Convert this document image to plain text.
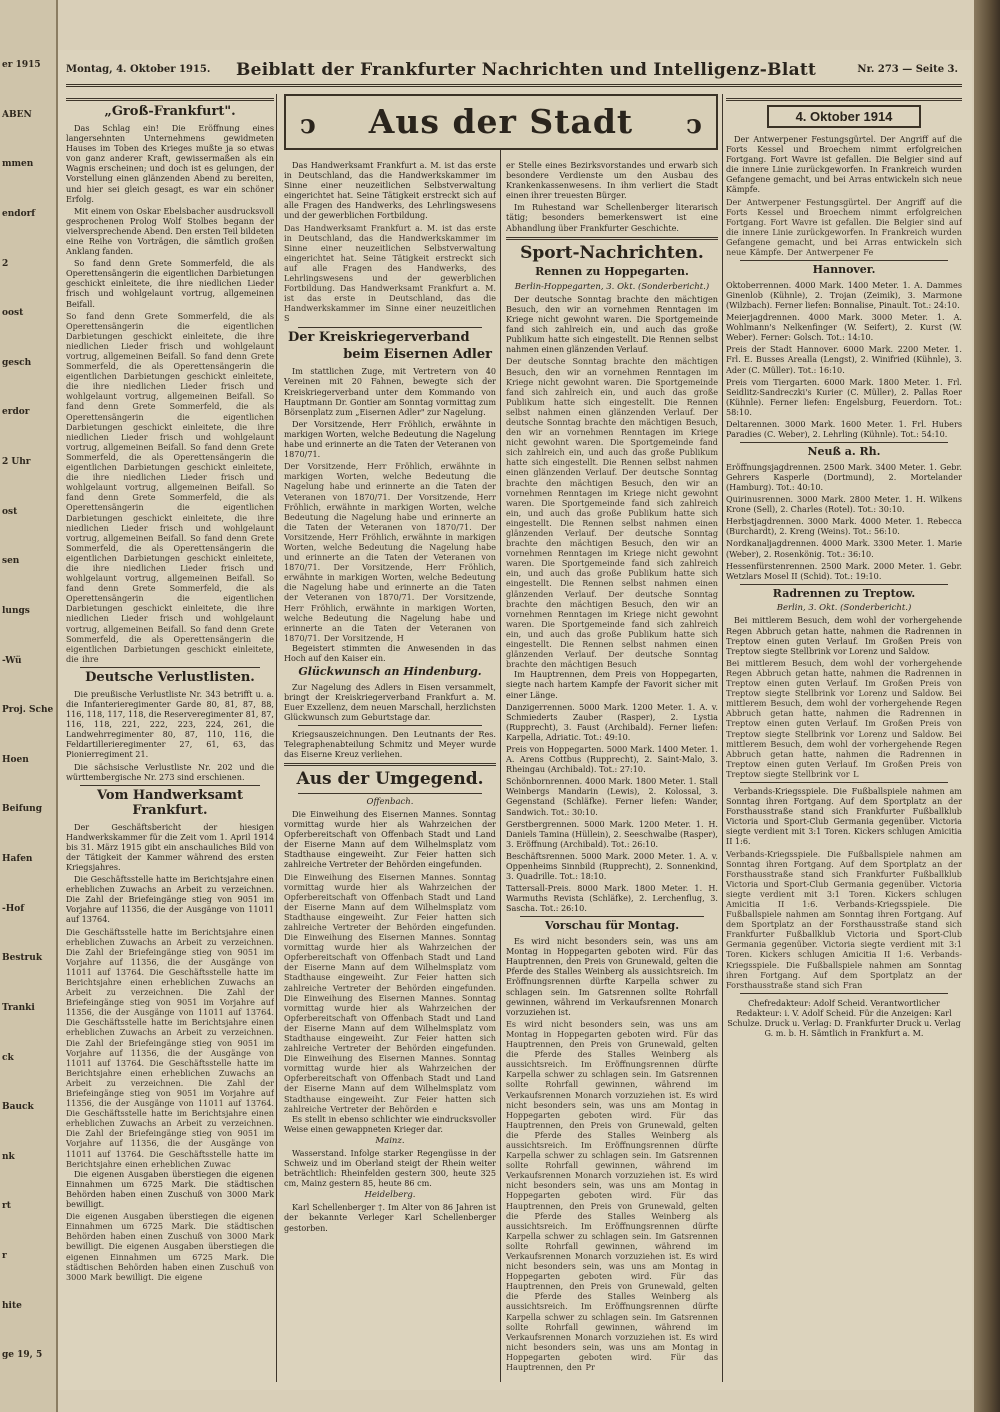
er 1915
ABEN
mmen
endorf
2
oost
gesch
erdor
2 Uhr
ost
sen
lungs
-Wü
Proj. Sche
Hoen
Beifung
Hafen
-Hof
Bestruk
Tranki
ck
Bauck
nk
rt
r
hite
ge 19, 5
Montag, 4. Oktober 1915. Beiblatt der Frankfurter Nachrichten und Intelligenz-Blatt	Nr. 273 — Seite 3.
ↄ	Aus der Stadt	ↄ
„Groß-Frankfurt".

Das Schlag ein! Die Eröffnung eines langersehnten Unternehmens gewidmeten Hauses im Toben des Krieges mußte ja so etwas von ganz anderer Kraft, gewissermaßen als ein Wagnis erscheinen; und doch ist es gelungen, der Vorstellung einen glänzenden Abend zu bereiten, und hier sei gleich gesagt, es war ein schöner Erfolg.

Mit einem von Oskar Ebelsbacher ausdrucksvoll gesprochenen Prolog Wolf Stolbes begann der vielversprechende Abend. Den ersten Teil bildeten eine Reihe von Vorträgen, die sämtlich großen Anklang fanden.

So fand denn Grete Sommerfeld, die als Operettensängerin die eigentlichen Darbietungen geschickt einleitete, die ihre niedlichen Lieder frisch und wohlgelaunt vortrug, allgemeinen Beifall.

So fand denn Grete Sommerfeld, die als Operettensängerin die eigentlichen Darbietungen geschickt einleitete, die ihre niedlichen Lieder frisch und wohlgelaunt vortrug, allgemeinen Beifall. So fand denn Grete Sommerfeld, die als Operettensängerin die eigentlichen Darbietungen geschickt einleitete, die ihre niedlichen Lieder frisch und wohlgelaunt vortrug, allgemeinen Beifall. So fand denn Grete Sommerfeld, die als Operettensängerin die eigentlichen Darbietungen geschickt einleitete, die ihre niedlichen Lieder frisch und wohlgelaunt vortrug, allgemeinen Beifall. So fand denn Grete Sommerfeld, die als Operettensängerin die eigentlichen Darbietungen geschickt einleitete, die ihre niedlichen Lieder frisch und wohlgelaunt vortrug, allgemeinen Beifall. So fand denn Grete Sommerfeld, die als Operettensängerin die eigentlichen Darbietungen geschickt einleitete, die ihre niedlichen Lieder frisch und wohlgelaunt vortrug, allgemeinen Beifall. So fand denn Grete Sommerfeld, die als Operettensängerin die eigentlichen Darbietungen geschickt einleitete, die ihre niedlichen Lieder frisch und wohlgelaunt vortrug, allgemeinen Beifall. So fand denn Grete Sommerfeld, die als Operettensängerin die eigentlichen Darbietungen geschickt einleitete, die ihre niedlichen Lieder frisch und wohlgelaunt vortrug, allgemeinen Beifall. So fand denn Grete Sommerfeld, die als Operettensängerin die eigentlichen Darbietungen geschickt einleitete, die ihre
Deutsche Verlustlisten.

Die preußische Verlustliste Nr. 343 betrifft u. a. die Infanterieregimenter Garde 80, 81, 87, 88, 116, 118, 117, 118, die Reserveregimenter 81, 87, 116, 118, 221, 222, 223, 224, 261, die Landwehrregimenter 80, 87, 110, 116, die Feldartillerieregimenter 27, 61, 63, das Pionierregiment 21.

Die sächsische Verlustliste Nr. 202 und die württembergische Nr. 273 sind erschienen.

Vom Handwerksamt Frankfurt.

Der Geschäftsbericht der hiesigen Handwerkskammer für die Zeit vom 1. April 1914 bis 31. März 1915 gibt ein anschauliches Bild von der Tätigkeit der Kammer während des ersten Kriegsjahres.

Die Geschäftsstelle hatte im Berichtsjahre einen erheblichen Zuwachs an Arbeit zu verzeichnen. Die Zahl der Briefeingänge stieg von 9051 im Vorjahre auf 11356, die der Ausgänge von 11011 auf 13764.

Die Geschäftsstelle hatte im Berichtsjahre einen erheblichen Zuwachs an Arbeit zu verzeichnen. Die Zahl der Briefeingänge stieg von 9051 im Vorjahre auf 11356, die der Ausgänge von 11011 auf 13764. Die Geschäftsstelle hatte im Berichtsjahre einen erheblichen Zuwachs an Arbeit zu verzeichnen. Die Zahl der Briefeingänge stieg von 9051 im Vorjahre auf 11356, die der Ausgänge von 11011 auf 13764. Die Geschäftsstelle hatte im Berichtsjahre einen erheblichen Zuwachs an Arbeit zu verzeichnen. Die Zahl der Briefeingänge stieg von 9051 im Vorjahre auf 11356, die der Ausgänge von 11011 auf 13764. Die Geschäftsstelle hatte im Berichtsjahre einen erheblichen Zuwachs an Arbeit zu verzeichnen. Die Zahl der Briefeingänge stieg von 9051 im Vorjahre auf 11356, die der Ausgänge von 11011 auf 13764. Die Geschäftsstelle hatte im Berichtsjahre einen erheblichen Zuwachs an Arbeit zu verzeichnen. Die Zahl der Briefeingänge stieg von 9051 im Vorjahre auf 11356, die der Ausgänge von 11011 auf 13764. Die Geschäftsstelle hatte im Berichtsjahre einen erheblichen Zuwac

Die eigenen Ausgaben überstiegen die eigenen Einnahmen um 6725 Mark. Die städtischen Behörden haben einen Zuschuß von 3000 Mark bewilligt.

Die eigenen Ausgaben überstiegen die eigenen Einnahmen um 6725 Mark. Die städtischen Behörden haben einen Zuschuß von 3000 Mark bewilligt. Die eigenen Ausgaben überstiegen die eigenen Einnahmen um 6725 Mark. Die städtischen Behörden haben einen Zuschuß von 3000 Mark bewilligt. Die eigene

Das Handwerksamt Frankfurt a. M. ist das erste in Deutschland, das die Handwerkskammer im Sinne einer neuzeitlichen Selbstverwaltung eingerichtet hat. Seine Tätigkeit erstreckt sich auf alle Fragen des Handwerks, des Lehrlingswesens und der gewerblichen Fortbildung.

Das Handwerksamt Frankfurt a. M. ist das erste in Deutschland, das die Handwerkskammer im Sinne einer neuzeitlichen Selbstverwaltung eingerichtet hat. Seine Tätigkeit erstreckt sich auf alle Fragen des Handwerks, des Lehrlingswesens und der gewerblichen Fortbildung. Das Handwerksamt Frankfurt a. M. ist das erste in Deutschland, das die Handwerkskammer im Sinne einer neuzeitlichen S
Der Kreiskriegerverband
beim Eisernen Adler

Im stattlichen Zuge, mit Vertretern von 40 Vereinen mit 20 Fahnen, bewegte sich der Kreiskriegerverband unter dem Kommando von Hauptmann Dr. Gontier am Sonntag vormittag zum Börsenplatz zum „Eisernen Adler" zur Nagelung.

Der Vorsitzende, Herr Fröhlich, erwähnte in markigen Worten, welche Bedeutung die Nagelung habe und erinnerte an die Taten der Veteranen von 1870/71.

Der Vorsitzende, Herr Fröhlich, erwähnte in markigen Worten, welche Bedeutung die Nagelung habe und erinnerte an die Taten der Veteranen von 1870/71. Der Vorsitzende, Herr Fröhlich, erwähnte in markigen Worten, welche Bedeutung die Nagelung habe und erinnerte an die Taten der Veteranen von 1870/71. Der Vorsitzende, Herr Fröhlich, erwähnte in markigen Worten, welche Bedeutung die Nagelung habe und erinnerte an die Taten der Veteranen von 1870/71. Der Vorsitzende, Herr Fröhlich, erwähnte in markigen Worten, welche Bedeutung die Nagelung habe und erinnerte an die Taten der Veteranen von 1870/71. Der Vorsitzende, Herr Fröhlich, erwähnte in markigen Worten, welche Bedeutung die Nagelung habe und erinnerte an die Taten der Veteranen von 1870/71. Der Vorsitzende, H

Begeistert stimmten die Anwesenden in das Hoch auf den Kaiser ein.

Glückwunsch an Hindenburg.

Zur Nagelung des Adlers in Eisen versammelt, bringt der Kreiskriegerverband Frankfurt a. M. Euer Exzellenz, dem neuen Marschall, herzlichsten Glückwunsch zum Geburtstage dar.

Kriegsauszeichnungen. Den Leutnants der Res. Telegraphenabteilung Schmitz und Meyer wurde das Eiserne Kreuz verliehen.

Aus der Umgegend.
Offenbach.

Die Einweihung des Eisernen Mannes. Sonntag vormittag wurde hier als Wahrzeichen der Opferbereitschaft von Offenbach Stadt und Land der Eiserne Mann auf dem Wilhelmsplatz vom Stadthause eingeweiht. Zur Feier hatten sich zahlreiche Vertreter der Behörden eingefunden.

Die Einweihung des Eisernen Mannes. Sonntag vormittag wurde hier als Wahrzeichen der Opferbereitschaft von Offenbach Stadt und Land der Eiserne Mann auf dem Wilhelmsplatz vom Stadthause eingeweiht. Zur Feier hatten sich zahlreiche Vertreter der Behörden eingefunden. Die Einweihung des Eisernen Mannes. Sonntag vormittag wurde hier als Wahrzeichen der Opferbereitschaft von Offenbach Stadt und Land der Eiserne Mann auf dem Wilhelmsplatz vom Stadthause eingeweiht. Zur Feier hatten sich zahlreiche Vertreter der Behörden eingefunden. Die Einweihung des Eisernen Mannes. Sonntag vormittag wurde hier als Wahrzeichen der Opferbereitschaft von Offenbach Stadt und Land der Eiserne Mann auf dem Wilhelmsplatz vom Stadthause eingeweiht. Zur Feier hatten sich zahlreiche Vertreter der Behörden eingefunden. Die Einweihung des Eisernen Mannes. Sonntag vormittag wurde hier als Wahrzeichen der Opferbereitschaft von Offenbach Stadt und Land der Eiserne Mann auf dem Wilhelmsplatz vom Stadthause eingeweiht. Zur Feier hatten sich zahlreiche Vertreter der Behörden e

Es stellt in ebenso schlichter wie eindrucksvoller Weise einen gewappneten Krieger dar.

Mainz.

Wasserstand. Infolge starker Regengüsse in der Schweiz und im Oberland steigt der Rhein weiter beträchtlich: Rheinfelden gestern 300, heute 325 cm, Mainz gestern 85, heute 86 cm.

Heidelberg.

Karl Schellenberger †. Im Alter von 86 Jahren ist der bekannte Verleger Karl Schellenberger gestorben.

er Stelle eines Bezirksvorstandes und erwarb sich besondere Verdienste um den Ausbau des Krankenkassenwesens. In ihm verliert die Stadt einen ihrer treuesten Bürger.

Im Ruhestand war Schellenberger literarisch tätig; besonders bemerkenswert ist eine Abhandlung über Frankfurter Geschichte.

Sport-Nachrichten.
Rennen zu Hoppegarten.
Berlin-Hoppegarten, 3. Okt. (Sonderbericht.)

Der deutsche Sonntag brachte den mächtigen Besuch, den wir an vornehmen Renntagen im Kriege nicht gewohnt waren. Die Sportgemeinde fand sich zahlreich ein, und auch das große Publikum hatte sich eingestellt. Die Rennen selbst nahmen einen glänzenden Verlauf.

Der deutsche Sonntag brachte den mächtigen Besuch, den wir an vornehmen Renntagen im Kriege nicht gewohnt waren. Die Sportgemeinde fand sich zahlreich ein, und auch das große Publikum hatte sich eingestellt. Die Rennen selbst nahmen einen glänzenden Verlauf. Der deutsche Sonntag brachte den mächtigen Besuch, den wir an vornehmen Renntagen im Kriege nicht gewohnt waren. Die Sportgemeinde fand sich zahlreich ein, und auch das große Publikum hatte sich eingestellt. Die Rennen selbst nahmen einen glänzenden Verlauf. Der deutsche Sonntag brachte den mächtigen Besuch, den wir an vornehmen Renntagen im Kriege nicht gewohnt waren. Die Sportgemeinde fand sich zahlreich ein, und auch das große Publikum hatte sich eingestellt. Die Rennen selbst nahmen einen glänzenden Verlauf. Der deutsche Sonntag brachte den mächtigen Besuch, den wir an vornehmen Renntagen im Kriege nicht gewohnt waren. Die Sportgemeinde fand sich zahlreich ein, und auch das große Publikum hatte sich eingestellt. Die Rennen selbst nahmen einen glänzenden Verlauf. Der deutsche Sonntag brachte den mächtigen Besuch, den wir an vornehmen Renntagen im Kriege nicht gewohnt waren. Die Sportgemeinde fand sich zahlreich ein, und auch das große Publikum hatte sich eingestellt. Die Rennen selbst nahmen einen glänzenden Verlauf. Der deutsche Sonntag brachte den mächtigen Besuch

Im Hauptrennen, dem Preis von Hoppegarten, siegte nach hartem Kampfe der Favorit sicher mit einer Länge.

Danzigerrennen. 5000 Mark. 1200 Meter. 1. A. v. Schmiederts Zauber (Rasper), 2. Lystia (Rupprecht), 3. Faust (Archibald). Ferner liefen: Karpella, Adriatic. Tot.: 49:10.

Preis von Hoppegarten. 5000 Mark. 1400 Meter. 1. A. Arens Cottbus (Rupprecht), 2. Saint-Malo, 3. Rheingau (Archibald). Tot.: 27:10.

Schönbornrennen. 4000 Mark. 1800 Meter. 1. Stall Weinbergs Mandarin (Lewis), 2. Kolossal, 3. Gegenstand (Schläfke). Ferner liefen: Wander, Sandwich. Tot.: 30:10.

Gerstbergrennen. 5000 Mark. 1200 Meter. 1. H. Daniels Tamina (Hüllein), 2. Seeschwalbe (Rasper), 3. Eröffnung (Archibald). Tot.: 26:10.

Beschäftsrennen. 5000 Mark. 2000 Meter. 1. A. v. Oppenheims Sinnbild (Rupprecht), 2. Sonnenkind, 3. Quadrille. Tot.: 18:10.

Tattersall-Preis. 8000 Mark. 1800 Meter. 1. H. Warmuths Revista (Schläfke), 2. Lerchenflug, 3. Sascha. Tot.: 26:10.

Vorschau für Montag.

Es wird nicht besonders sein, was uns am Montag in Hoppegarten geboten wird. Für das Hauptrennen, den Preis von Grunewald, gelten die Pferde des Stalles Weinberg als aussichtsreich. Im Eröffnungsrennen dürfte Karpella schwer zu schlagen sein. Im Gatsrennen sollte Rohrfall gewinnen, während im Verkaufsrennen Monarch vorzuziehen ist.

Es wird nicht besonders sein, was uns am Montag in Hoppegarten geboten wird. Für das Hauptrennen, den Preis von Grunewald, gelten die Pferde des Stalles Weinberg als aussichtsreich. Im Eröffnungsrennen dürfte Karpella schwer zu schlagen sein. Im Gatsrennen sollte Rohrfall gewinnen, während im Verkaufsrennen Monarch vorzuziehen ist. Es wird nicht besonders sein, was uns am Montag in Hoppegarten geboten wird. Für das Hauptrennen, den Preis von Grunewald, gelten die Pferde des Stalles Weinberg als aussichtsreich. Im Eröffnungsrennen dürfte Karpella schwer zu schlagen sein. Im Gatsrennen sollte Rohrfall gewinnen, während im Verkaufsrennen Monarch vorzuziehen ist. Es wird nicht besonders sein, was uns am Montag in Hoppegarten geboten wird. Für das Hauptrennen, den Preis von Grunewald, gelten die Pferde des Stalles Weinberg als aussichtsreich. Im Eröffnungsrennen dürfte Karpella schwer zu schlagen sein. Im Gatsrennen sollte Rohrfall gewinnen, während im Verkaufsrennen Monarch vorzuziehen ist. Es wird nicht besonders sein, was uns am Montag in Hoppegarten geboten wird. Für das Hauptrennen, den Preis von Grunewald, gelten die Pferde des Stalles Weinberg als aussichtsreich. Im Eröffnungsrennen dürfte Karpella schwer zu schlagen sein. Im Gatsrennen sollte Rohrfall gewinnen, während im Verkaufsrennen Monarch vorzuziehen ist. Es wird nicht besonders sein, was uns am Montag in Hoppegarten geboten wird. Für das Hauptrennen, den Pr
4. Oktober 1914

Der Antwerpener Festungsgürtel. Der Angriff auf die Forts Kessel und Broechem nimmt erfolgreichen Fortgang. Fort Wavre ist gefallen. Die Belgier sind auf die innere Linie zurückgeworfen. In Frankreich wurden Gefangene gemacht, und bei Arras entwickeln sich neue Kämpfe.

Der Antwerpener Festungsgürtel. Der Angriff auf die Forts Kessel und Broechem nimmt erfolgreichen Fortgang. Fort Wavre ist gefallen. Die Belgier sind auf die innere Linie zurückgeworfen. In Frankreich wurden Gefangene gemacht, und bei Arras entwickeln sich neue Kämpfe. Der Antwerpener Fe
Hannover.

Oktoberrennen. 4000 Mark. 1400 Meter. 1. A. Dammes Ginenlob (Kühnle), 2. Trojan (Zeimik), 3. Marmone (Wilzbach). Ferner liefen: Bonnalise, Pinault. Tot.: 24:10.

Meierjagdrennen. 4000 Mark. 3000 Meter. 1. A. Wohlmann's Nelkenfinger (W. Seifert), 2. Kurst (W. Weber). Ferner: Golsch. Tot.: 14:10.

Preis der Stadt Hannover. 6000 Mark. 2200 Meter. 1. Frl. E. Busses Arealla (Lengst), 2. Winifried (Kühnle), 3. Ader (C. Müller). Tot.: 16:10.

Preis vom Tiergarten. 6000 Mark. 1800 Meter. 1. Frl. Seidlitz-Sandreczki's Kurier (C. Müller), 2. Pallas Roer (Kühnle). Ferner liefen: Engelsburg, Feuerdorn. Tot.: 58:10.

Deltarennen. 3000 Mark. 1600 Meter. 1. Frl. Hubers Paradies (C. Weber), 2. Lehrling (Kühnle). Tot.: 54:10.

Neuß a. Rh.

Eröffnungsjagdrennen. 2500 Mark. 3400 Meter. 1. Gebr. Gehrers Kasperle (Dortmund), 2. Mortelander (Hamburg). Tot.: 40:10.

Quirinusrennen. 3000 Mark. 2800 Meter. 1. H. Wilkens Krone (Sell), 2. Charles (Rotel). Tot.: 30:10.

Herbstjagdrennen. 3000 Mark. 4000 Meter. 1. Rebecca (Burchardt), 2. Kreng (Weins). Tot.: 56:10.

Nordkanaljagdrennen. 4000 Mark. 3300 Meter. 1. Marie (Weber), 2. Rosenkönig. Tot.: 36:10.

Hessenfürstenrennen. 2500 Mark. 2000 Meter. 1. Gebr. Wetzlars Mosel II (Schid). Tot.: 19:10.

Radrennen zu Treptow.
Berlin, 3. Okt. (Sonderbericht.)

Bei mittlerem Besuch, dem wohl der vorhergehende Regen Abbruch getan hatte, nahmen die Radrennen in Treptow einen guten Verlauf. Im Großen Preis von Treptow siegte Stellbrink vor Lorenz und Saldow.

Bei mittlerem Besuch, dem wohl der vorhergehende Regen Abbruch getan hatte, nahmen die Radrennen in Treptow einen guten Verlauf. Im Großen Preis von Treptow siegte Stellbrink vor Lorenz und Saldow. Bei mittlerem Besuch, dem wohl der vorhergehende Regen Abbruch getan hatte, nahmen die Radrennen in Treptow einen guten Verlauf. Im Großen Preis von Treptow siegte Stellbrink vor Lorenz und Saldow. Bei mittlerem Besuch, dem wohl der vorhergehende Regen Abbruch getan hatte, nahmen die Radrennen in Treptow einen guten Verlauf. Im Großen Preis von Treptow siegte Stellbrink vor L

Verbands-Kriegsspiele. Die Fußballspiele nahmen am Sonntag ihren Fortgang. Auf dem Sportplatz an der Forsthausstraße stand sich Frankfurter Fußballklub Victoria und Sport-Club Germania gegenüber. Victoria siegte verdient mit 3:1 Toren. Kickers schlugen Amicitia II 1:6.

Verbands-Kriegsspiele. Die Fußballspiele nahmen am Sonntag ihren Fortgang. Auf dem Sportplatz an der Forsthausstraße stand sich Frankfurter Fußballklub Victoria und Sport-Club Germania gegenüber. Victoria siegte verdient mit 3:1 Toren. Kickers schlugen Amicitia II 1:6. Verbands-Kriegsspiele. Die Fußballspiele nahmen am Sonntag ihren Fortgang. Auf dem Sportplatz an der Forsthausstraße stand sich Frankfurter Fußballklub Victoria und Sport-Club Germania gegenüber. Victoria siegte verdient mit 3:1 Toren. Kickers schlugen Amicitia II 1:6. Verbands-Kriegsspiele. Die Fußballspiele nahmen am Sonntag ihren Fortgang. Auf dem Sportplatz an der Forsthausstraße stand sich Fran

Chefredakteur: Adolf Scheid. Verantwortlicher Redakteur: i. V. Adolf Scheid. Für die Anzeigen: Karl Schulze. Druck u. Verlag: D. Frankfurter Druck u. Verlag G. m. b. H. Sämtlich in Frankfurt a. M.
